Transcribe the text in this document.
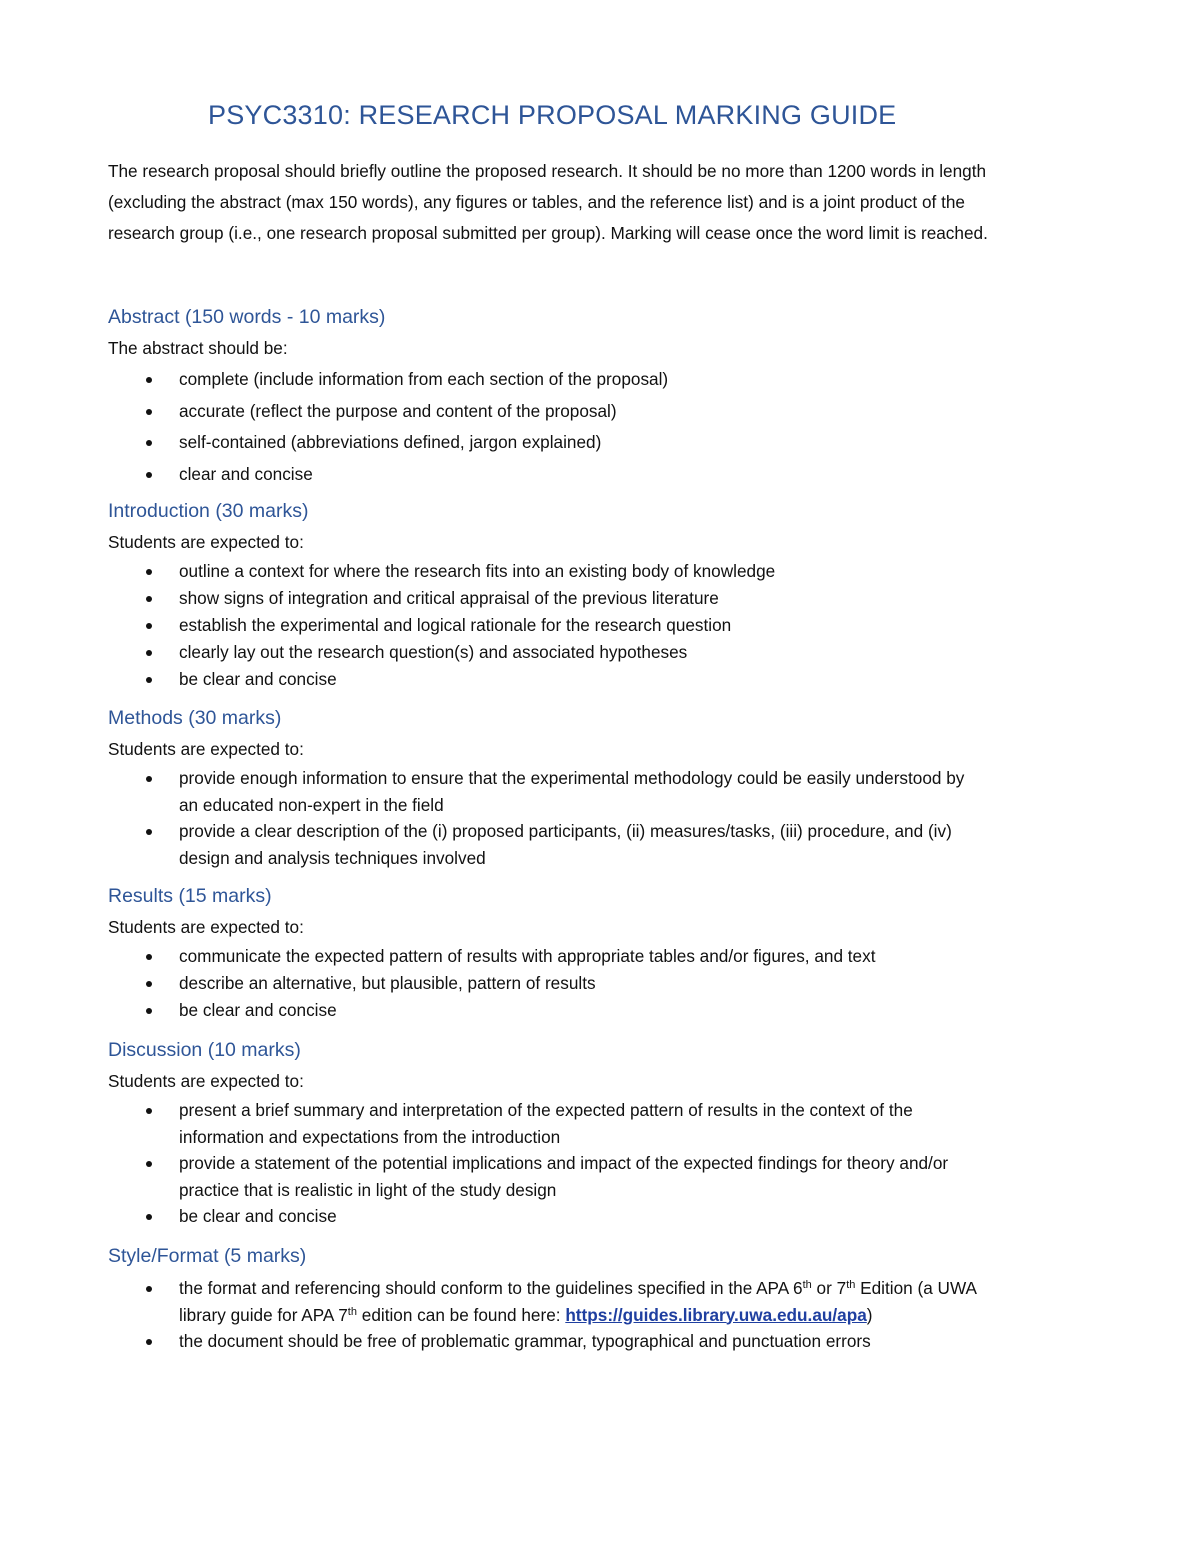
PSYC3310: RESEARCH PROPOSAL MARKING GUIDE

The research proposal should briefly outline the proposed research. It should be no more than 1200 words in length (excluding the abstract (max 150 words), any figures or tables, and the reference list) and is a joint product of the research group (i.e., one research proposal submitted per group). Marking will cease once the word limit is reached.

Abstract (150 words - 10 marks)

The abstract should be:

complete (include information from each section of the proposal)
accurate (reflect the purpose and content of the proposal)
self-contained (abbreviations defined, jargon explained)
clear and concise
Introduction (30 marks)

Students are expected to:

outline a context for where the research fits into an existing body of knowledge
show signs of integration and critical appraisal of the previous literature
establish the experimental and logical rationale for the research question
clearly lay out the research question(s) and associated hypotheses
be clear and concise
Methods (30 marks)

Students are expected to:

provide enough information to ensure that the experimental methodology could be easily understood by an educated non-expert in the field
provide a clear description of the (i) proposed participants, (ii) measures/tasks, (iii) procedure, and (iv) design and analysis techniques involved
Results (15 marks)

Students are expected to:

communicate the expected pattern of results with appropriate tables and/or figures, and text
describe an alternative, but plausible, pattern of results
be clear and concise
Discussion (10 marks)

Students are expected to:

present a brief summary and interpretation of the expected pattern of results in the context of the information and expectations from the introduction
provide a statement of the potential implications and impact of the expected findings for theory and/or practice that is realistic in light of the study design
be clear and concise
Style/Format (5 marks)
the format and referencing should conform to the guidelines specified in the APA 6th or 7th Edition (a UWA library guide for APA 7th edition can be found here: https://guides.library.uwa.edu.au/apa)
the document should be free of problematic grammar, typographical and punctuation errors
